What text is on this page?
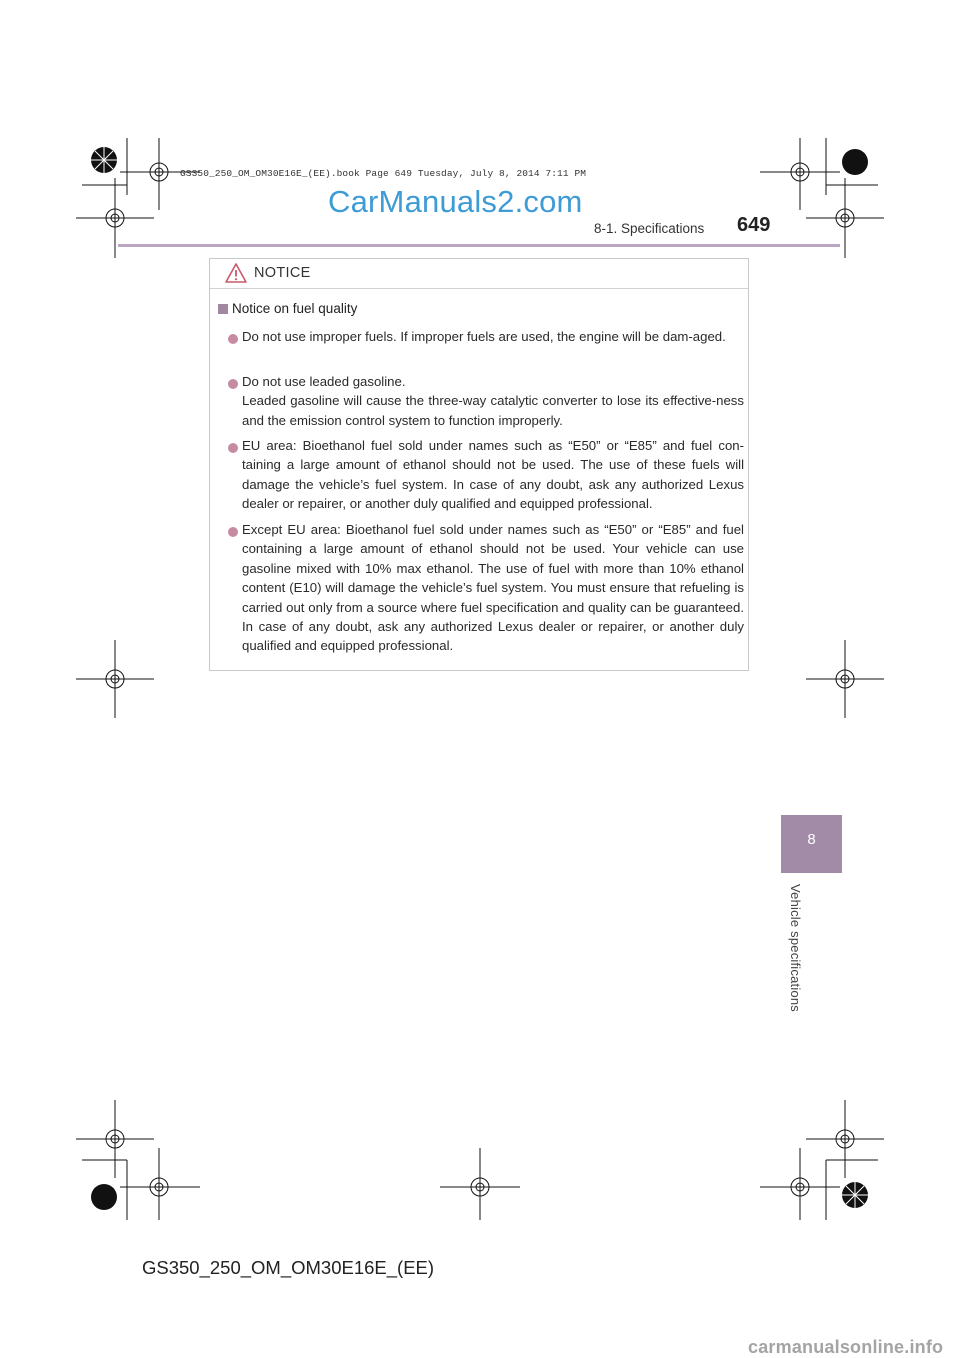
GS350_250_OM_OM30E16E_(EE).book Page 649 Tuesday, July 8, 2014 7:11 PM
CarManuals2.com
8-1. Specifications 649
NOTICE
Notice on fuel quality
Do not use improper fuels. If improper fuels are used, the engine will be dam-aged.
Do not use leaded gasoline.
Leaded gasoline will cause the three-way catalytic converter to lose its effective-ness and the emission control system to function improperly.
EU area: Bioethanol fuel sold under names such as “E50” or “E85” and fuel con-taining a large amount of ethanol should not be used. The use of these fuels will damage the vehicle’s fuel system. In case of any doubt, ask any authorized Lexus dealer or repairer, or another duly qualified and equipped professional.
Except EU area: Bioethanol fuel sold under names such as “E50” or “E85” and fuel containing a large amount of ethanol should not be used. Your vehicle can use gasoline mixed with 10% max ethanol. The use of fuel with more than 10% ethanol content (E10) will damage the vehicle’s fuel system. You must ensure that refueling is carried out only from a source where fuel specification and quality can be guaranteed. In case of any doubt, ask any authorized Lexus dealer or repairer, or another duly qualified and equipped professional.
8
Vehicle specifications
GS350_250_OM_OM30E16E_(EE)
carmanualsonline.info
